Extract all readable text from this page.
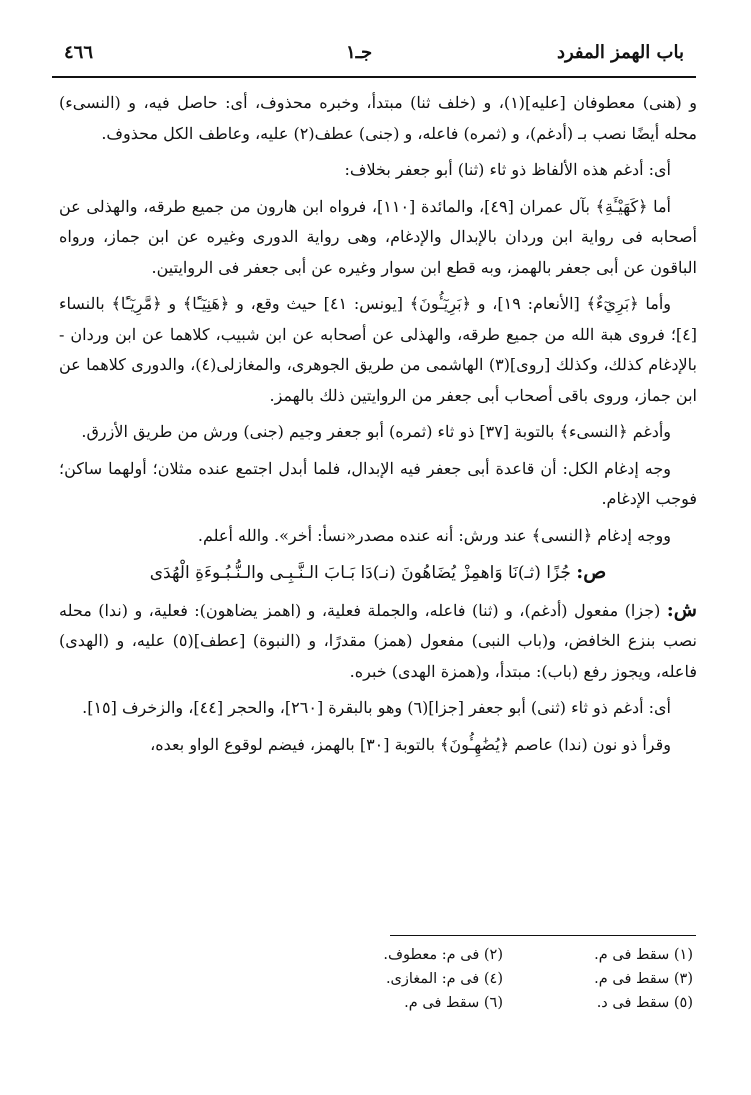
باب الهمز المفرد
جـ١
٤٦٦

و (هنى) معطوفان [عليه](١)، و (خلف ثنا) مبتدأ، وخبره محذوف، أى: حاصل فيه، و (النسىء) محله أيضًا نصب بـ (أدغم)، و (ثمره) فاعله، و (جنى) عطف(٢) عليه، وعاطف الكل محذوف.

أى: أدغم هذه الألفاظ ذو ثاء (ثنا) أبو جعفر بخلاف:

أما ﴿كَهَيْـَٔةِ﴾ بآل عمران [٤٩]، والمائدة [١١٠]، فرواه ابن هارون من جميع طرقه، والهذلى عن أصحابه فى رواية ابن وردان بالإبدال والإدغام، وهى رواية الدورى وغيره عن ابن جماز، ورواه الباقون عن أبى جعفر بالهمز، وبه قطع ابن سوار وغيره عن أبى جعفر فى الروايتين.

وأما ﴿بَرِيٓءٌ﴾ [الأنعام: ١٩]، و ﴿بَرِيٓـُٔونَ﴾ [يونس: ٤١] حيث وقع، و ﴿هَنِيٓـًٔا﴾ و ﴿مَّرِيٓـًٔا﴾ بالنساء [٤]؛ فروى هبة الله من جميع طرقه، والهذلى عن أصحابه عن ابن شبيب، كلاهما عن ابن وردان - بالإدغام كذلك، وكذلك [روى](٣) الهاشمى من طريق الجوهرى، والمغازلى(٤)، والدورى كلاهما عن ابن جماز، وروى باقى أصحاب أبى جعفر من الروايتين ذلك بالهمز.

وأدغم ﴿النسىء﴾ بالتوبة [٣٧] ذو ثاء (ثمره) أبو جعفر وجيم (جنى) ورش من طريق الأزرق.

وجه إدغام الكل: أن قاعدة أبى جعفر فيه الإبدال، فلما أبدل اجتمع عنده مثلان؛ أولهما ساكن؛ فوجب الإدغام.

ووجه إدغام ﴿النسى﴾ عند ورش: أنه عنده مصدر«نسأ: أخر». والله أعلم.

ص: جُزًا (ثـ)نَا وَاهمِزْ يُضَاهُونَ (نـ)دَا بَـابَ الـنَّـبِـى والـنُّـبُـوءَةِ الْهُدَى

ش: (جزا) مفعول (أدغم)، و (ثنا) فاعله، والجملة فعلية، و (اهمز يضاهون): فعلية، و (ندا) محله نصب بنزع الخافض، و(باب النبى) مفعول (همز) مقدرًا، و (النبوة) [عطف](٥) عليه، و (الهدى) فاعله، ويجوز رفع (باب): مبتدأ، و(همزة الهدى) خبره.

أى: أدغم ذو ثاء (ثنى) أبو جعفر [جزا](٦) وهو بالبقرة [٢٦٠]، والحجر [٤٤]، والزخرف [١٥].

وقرأ ذو نون (ندا) عاصم ﴿يُضَٰهِـُٔونَ﴾ بالتوبة [٣٠] بالهمز، فيضم لوقوع الواو بعده،

(١) سقط فى م.
(٢) فى م: معطوف.
(٣) سقط فى م.
(٤) فى م: المغازى.
(٥) سقط فى د.
(٦) سقط فى م.
